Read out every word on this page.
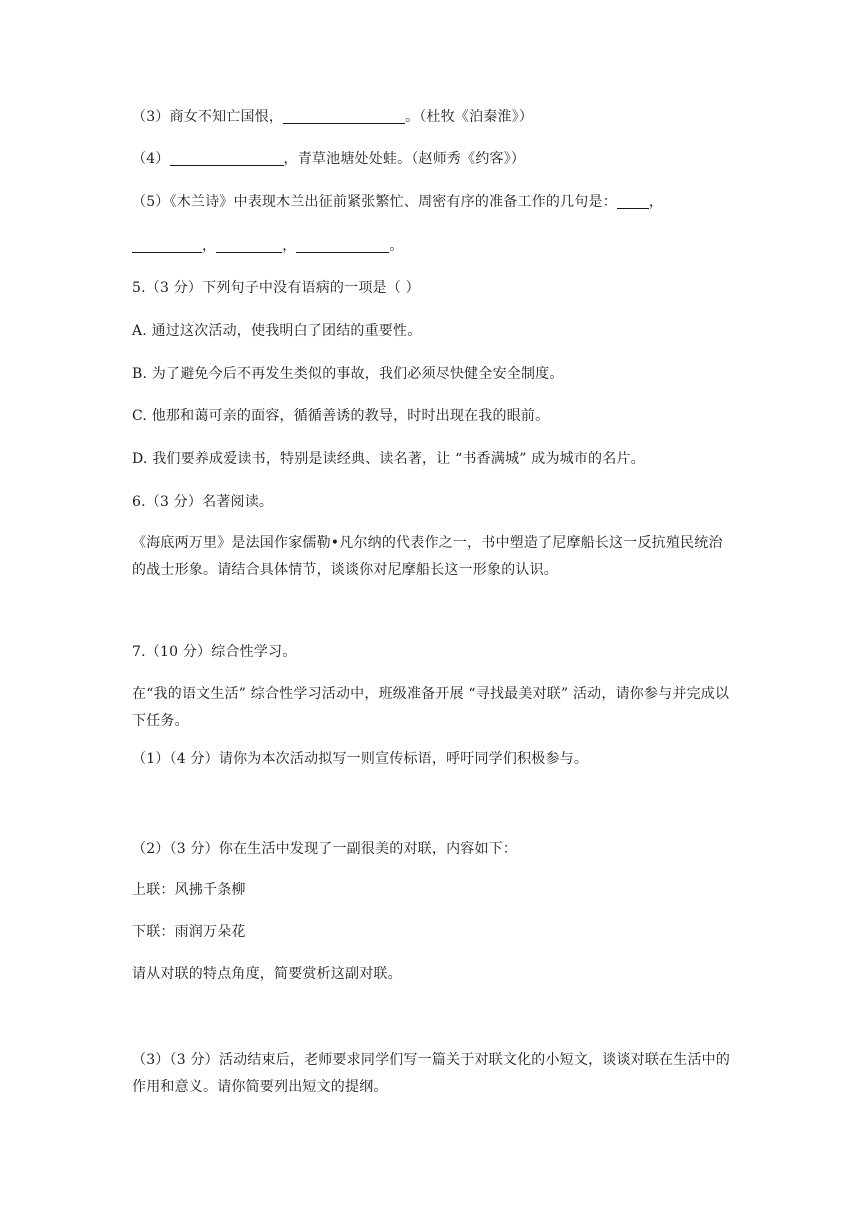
（3）商女不知亡国恨，	。（杜牧《泊秦淮》）
（4）	，青草池塘处处蛙。（赵师秀《约客》）
（5）《木兰诗》中表现木兰出征前紧张繁忙、周密有序的准备工作的几句是： ，
，	，	。
5.（3 分）下列句子中没有语病的一项是（ ）
A. 通过这次活动，使我明白了团结的重要性。
B. 为了避免今后不再发生类似的事故，我们必须尽快健全安全制度。
C. 他那和蔼可亲的面容，循循善诱的教导，时时出现在我的眼前。
D. 我们要养成爱读书，特别是读经典、读名著，让 “书香满城” 成为城市的名片。
6.（3 分）名著阅读。
《海底两万里》是法国作家儒勒•凡尔纳的代表作之一，书中塑造了尼摩船长这一反抗殖民统治的战士形象。请结合具体情节，谈谈你对尼摩船长这一形象的认识。
7.（10 分）综合性学习。
在“我的语文生活” 综合性学习活动中，班级准备开展 “寻找最美对联” 活动，请你参与并完成以下任务。
（1）（4 分）请你为本次活动拟写一则宣传标语，呼吁同学们积极参与。
（2）（3 分）你在生活中发现了一副很美的对联，内容如下：
上联：风拂千条柳
下联：雨润万朵花
请从对联的特点角度，简要赏析这副对联。
（3）（3 分）活动结束后，老师要求同学们写一篇关于对联文化的小短文，谈谈对联在生活中的作用和意义。请你简要列出短文的提纲。
